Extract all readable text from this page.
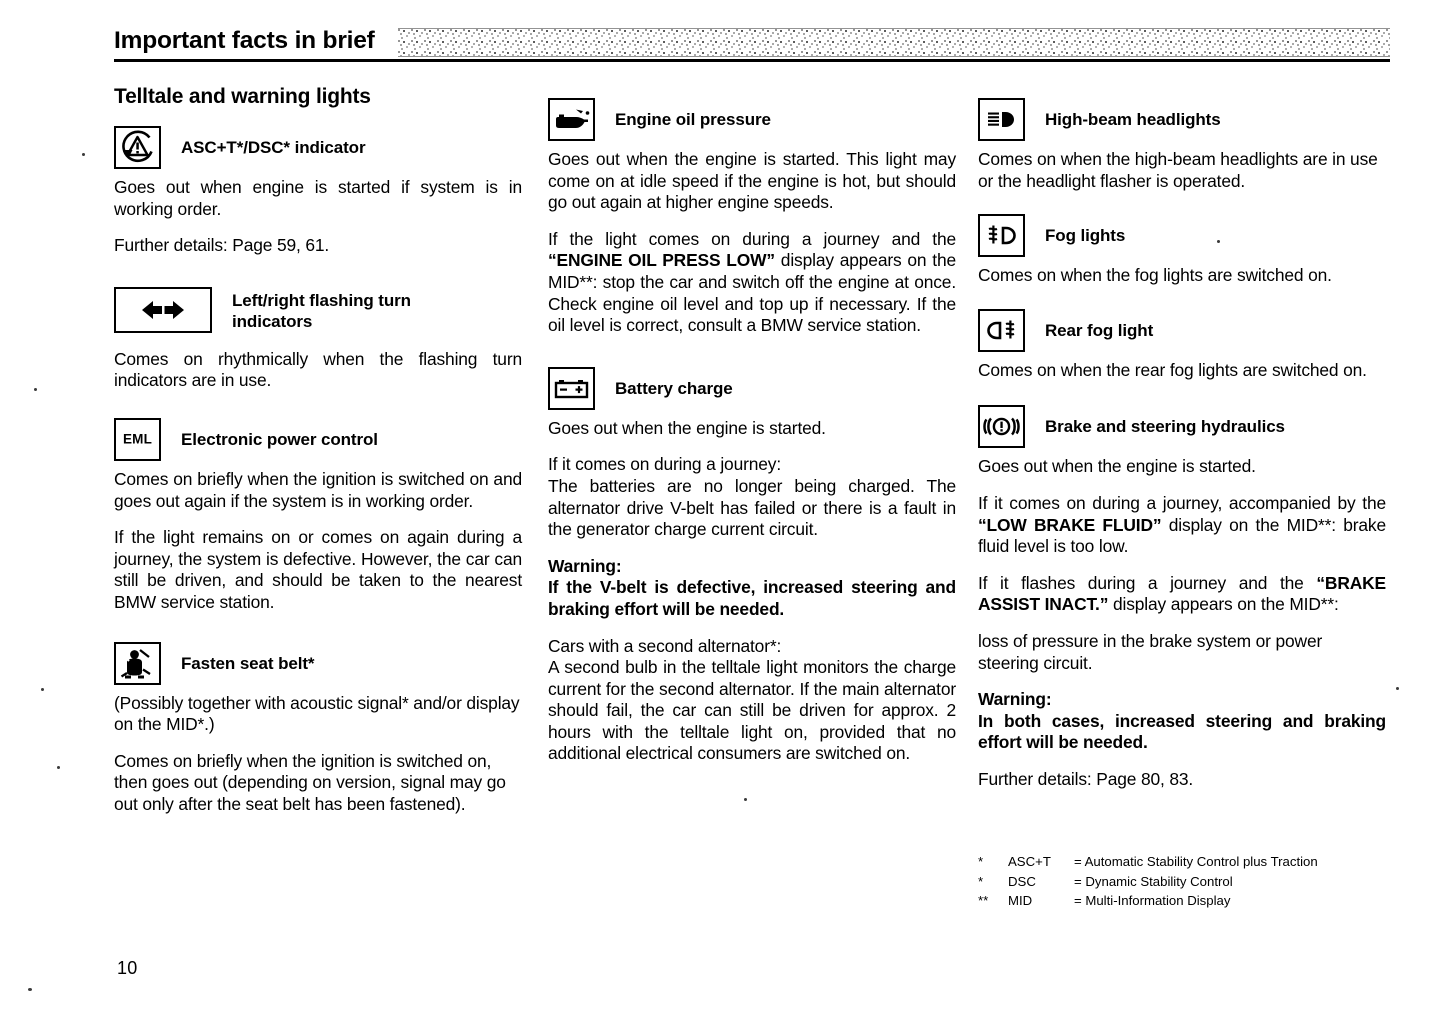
Important facts in brief
Telltale and warning lights
ASC+T*/DSC* indicator

Goes out when engine is started if system is in working order.

Further details: Page 59, 61.

Left/right flashing turn indicators

Comes on rhythmically when the flashing turn indicators are in use.

EML	Electronic power control

Comes on briefly when the ignition is switched on and goes out again if the system is in working order.

If the light remains on or comes on again during a journey, the system is defective. However, the car can still be driven, and should be taken to the nearest BMW service station.

Fasten seat belt*

(Possibly together with acoustic signal* and/or display on the MID*.)

Comes on briefly when the ignition is switched on, then goes out (depending on version, signal may go out only after the seat belt has been fastened).

Engine oil pressure

Goes out when the engine is started. This light may come on at idle speed if the engine is hot, but should go out again at higher engine speeds.

If the light comes on during a journey and the “ENGINE OIL PRESS LOW” display appears on the MID**: stop the car and switch off the engine at once. Check engine oil level and top up if necessary. If the oil level is correct, consult a BMW service station.

Battery charge

Goes out when the engine is started.

If it comes on during a journey:

The batteries are no longer being charged. The alternator drive V-belt has failed or there is a fault in the generator charge current circuit.

Warning:

If the V-belt is defective, increased steering and braking effort will be needed.

Cars with a second alternator*:

A second bulb in the telltale light monitors the charge current for the second alternator. If the main alternator should fail, the car can still be driven for approx. 2 hours with the telltale light on, provided that no additional electrical consumers are switched on.

High-beam headlights

Comes on when the high-beam headlights are in use or the headlight flasher is operated.

Fog lights

Comes on when the fog lights are switched on.

Rear fog light

Comes on when the rear fog lights are switched on.

Brake and steering hydraulics

Goes out when the engine is started.

If it comes on during a journey, accompanied by the “LOW BRAKE FLUID” display on the MID**: brake fluid level is too low.

If it flashes during a journey and the “BRAKE ASSIST INACT.” display appears on the MID**:

loss of pressure in the brake system or power steering circuit.

Warning:

In both cases, increased steering and braking effort will be needed.

Further details: Page 80, 83.

*	ASC+T	= Automatic Stability Control plus Traction
*	DSC	= Dynamic Stability Control
**	MID	= Multi-Information Display
10
